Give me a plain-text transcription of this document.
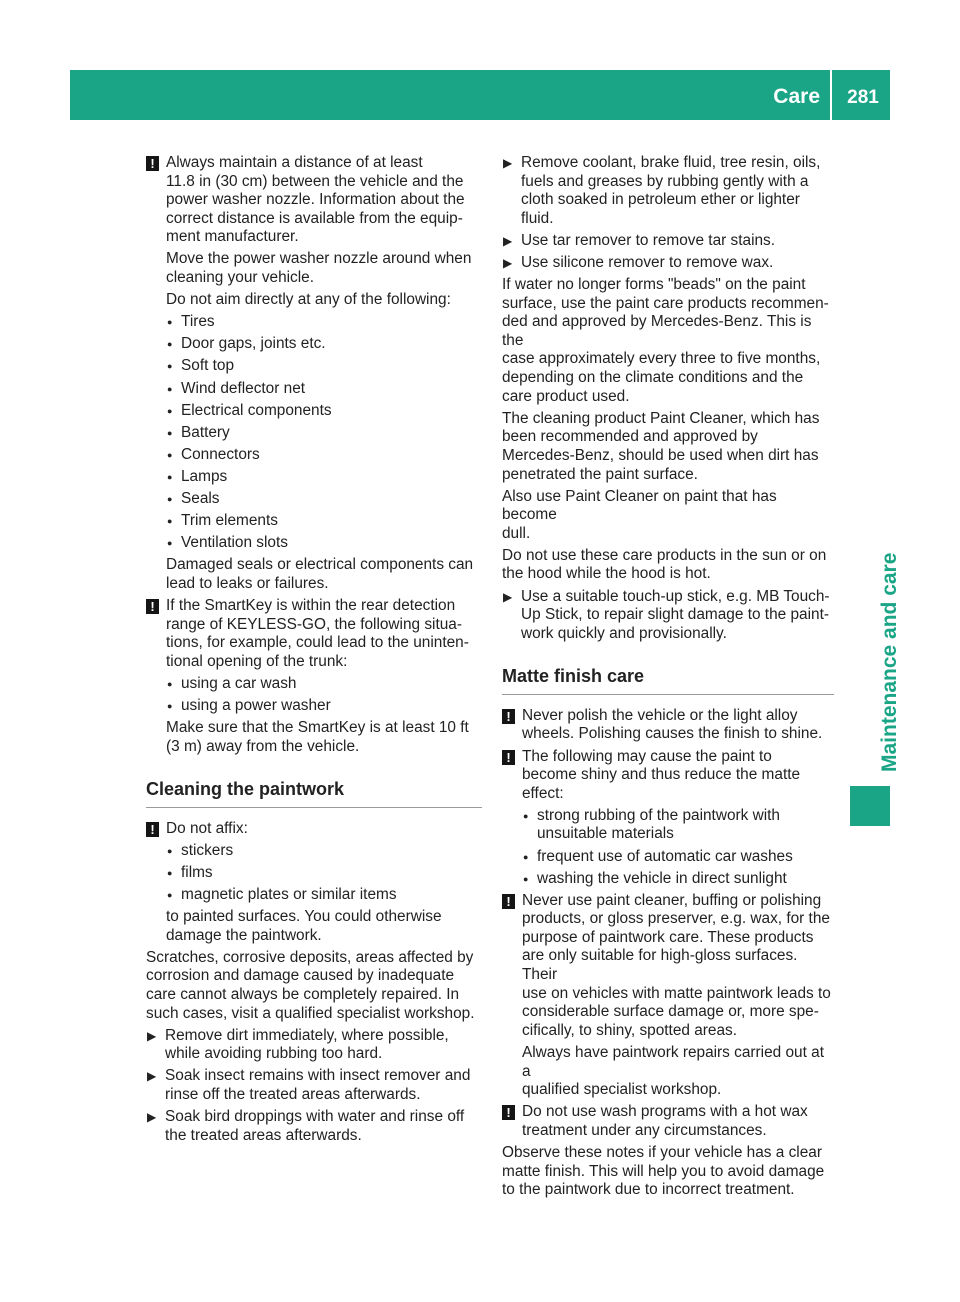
Care	281
Maintenance and care
! Always maintain a distance of at least
11.8 in (30 cm) between the vehicle and the
power washer nozzle. Information about the
correct distance is available from the equip-
ment manufacturer.
Move the power washer nozzle around when
cleaning your vehicle.
Do not aim directly at any of the following:
● Tires
● Door gaps, joints etc.
● Soft top
● Wind deflector net
● Electrical components
● Battery
● Connectors
● Lamps
● Seals
● Trim elements
● Ventilation slots
Damaged seals or electrical components can
lead to leaks or failures.
! If the SmartKey is within the rear detection
range of KEYLESS-GO, the following situa-
tions, for example, could lead to the uninten-
tional opening of the trunk:
● using a car wash
● using a power washer
Make sure that the SmartKey is at least 10 ft
(3 m) away from the vehicle.
Cleaning the paintwork
! Do not affix:
● stickers
● films
● magnetic plates or similar items
to painted surfaces. You could otherwise
damage the paintwork.
Scratches, corrosive deposits, areas affected by
corrosion and damage caused by inadequate
care cannot always be completely repaired. In
such cases, visit a qualified specialist workshop.
▶ Remove dirt immediately, where possible,
while avoiding rubbing too hard.
▶ Soak insect remains with insect remover and
rinse off the treated areas afterwards.
▶ Soak bird droppings with water and rinse off
the treated areas afterwards.
▶ Remove coolant, brake fluid, tree resin, oils,
fuels and greases by rubbing gently with a
cloth soaked in petroleum ether or lighter
fluid.
▶ Use tar remover to remove tar stains.
▶ Use silicone remover to remove wax.
If water no longer forms "beads" on the paint
surface, use the paint care products recommen-
ded and approved by Mercedes-Benz. This is the
case approximately every three to five months,
depending on the climate conditions and the
care product used.
The cleaning product Paint Cleaner, which has
been recommended and approved by
Mercedes-Benz, should be used when dirt has
penetrated the paint surface.
Also use Paint Cleaner on paint that has become
dull.
Do not use these care products in the sun or on
the hood while the hood is hot.
▶ Use a suitable touch-up stick, e.g. MB Touch-
Up Stick, to repair slight damage to the paint-
work quickly and provisionally.
Matte finish care
! Never polish the vehicle or the light alloy
wheels. Polishing causes the finish to shine.
! The following may cause the paint to
become shiny and thus reduce the matte
effect:
● strong rubbing of the paintwork with
unsuitable materials
● frequent use of automatic car washes
● washing the vehicle in direct sunlight
! Never use paint cleaner, buffing or polishing
products, or gloss preserver, e.g. wax, for the
purpose of paintwork care. These products
are only suitable for high-gloss surfaces. Their
use on vehicles with matte paintwork leads to
considerable surface damage or, more spe-
cifically, to shiny, spotted areas.
Always have paintwork repairs carried out at a
qualified specialist workshop.
! Do not use wash programs with a hot wax
treatment under any circumstances.
Observe these notes if your vehicle has a clear
matte finish. This will help you to avoid damage
to the paintwork due to incorrect treatment.
